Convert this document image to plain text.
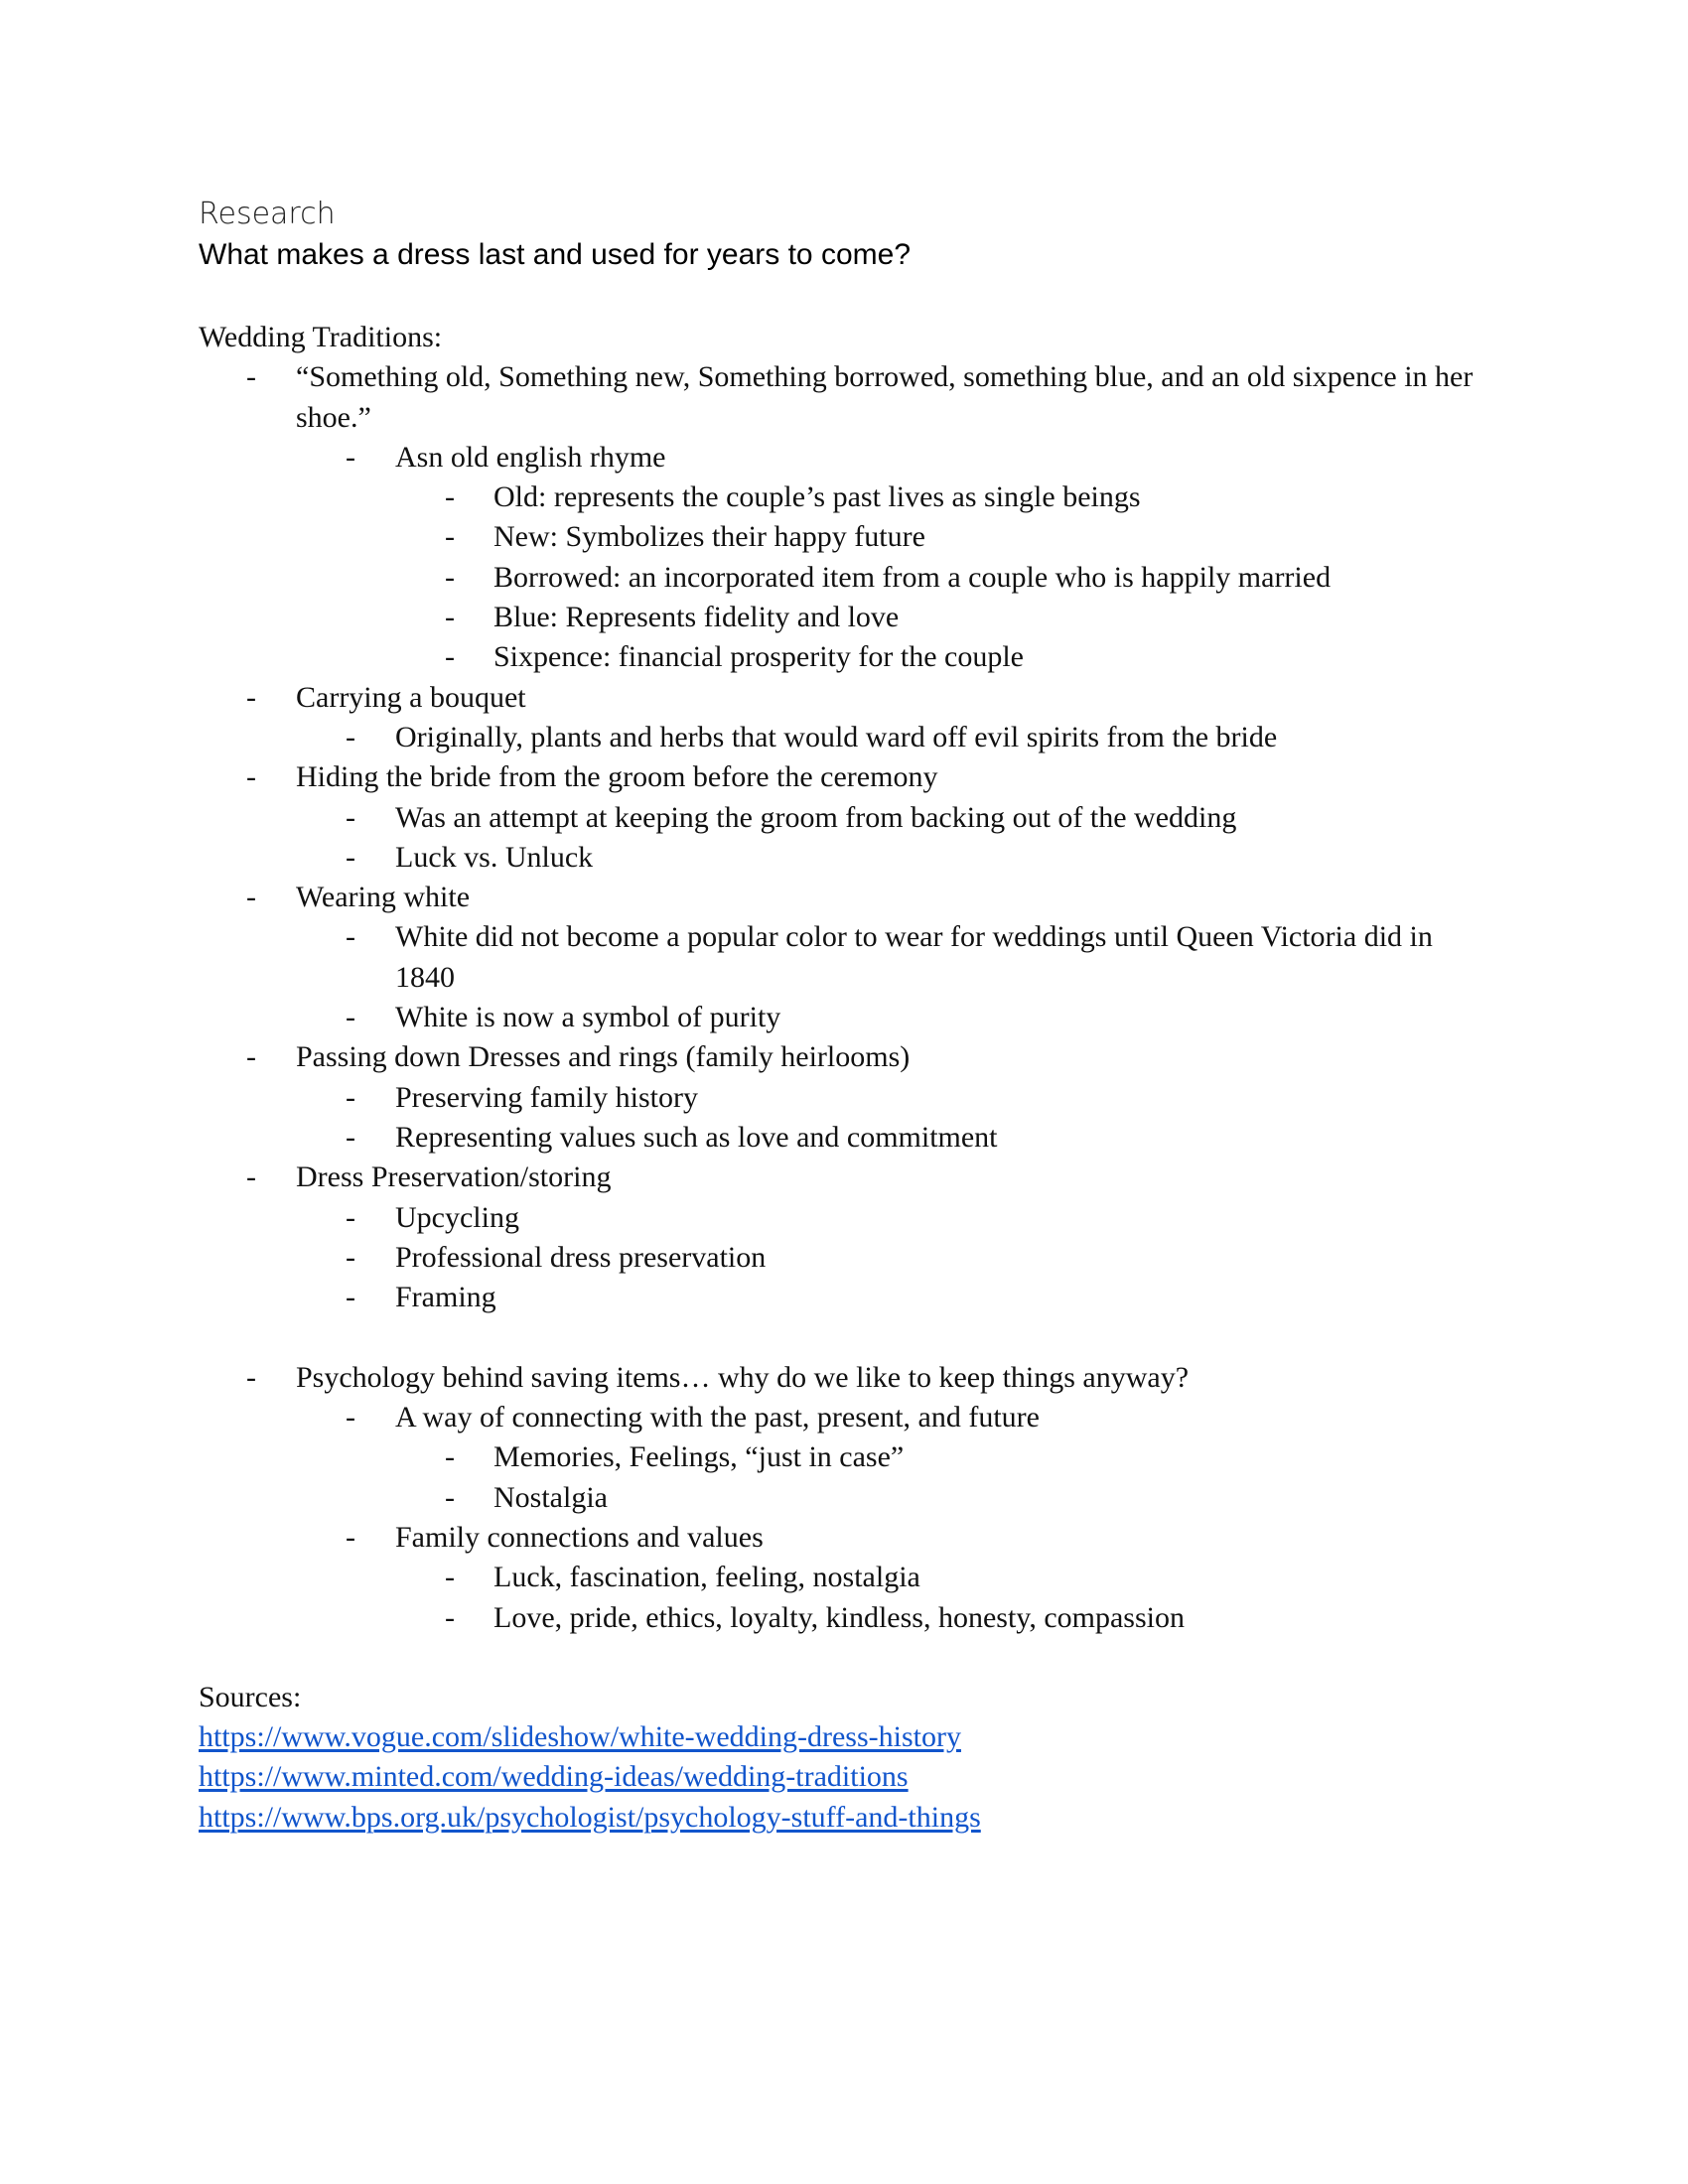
Research
What makes a dress last and used for years to come?
Wedding Traditions:
-	“Something old, Something new, Something borrowed, something blue, and an old sixpence in her shoe.”
-	Asn old english rhyme
-	Old: represents the couple’s past lives as single beings
-	New: Symbolizes their happy future
-	Borrowed: an incorporated item from a couple who is happily married
-	Blue: Represents fidelity and love
-	Sixpence: financial prosperity for the couple
-	Carrying a bouquet
-	Originally, plants and herbs that would ward off evil spirits from the bride
-	Hiding the bride from the groom before the ceremony
-	Was an attempt at keeping the groom from backing out of the wedding
-	Luck vs. Unluck
-	Wearing white
-	White did not become a popular color to wear for weddings until Queen Victoria did in 1840
-	White is now a symbol of purity
-	Passing down Dresses and rings (family heirlooms)
-	Preserving family history
-	Representing values such as love and commitment
-	Dress Preservation/storing
-	Upcycling
-	Professional dress preservation
-	Framing
-	Psychology behind saving items… why do we like to keep things anyway?
-	A way of connecting with the past, present, and future
-	Memories, Feelings, “just in case”
-	Nostalgia
-	Family connections and values
-	Luck, fascination, feeling, nostalgia
-	Love, pride, ethics, loyalty, kindless, honesty, compassion
Sources:
https://www.vogue.com/slideshow/white-wedding-dress-history
https://www.minted.com/wedding-ideas/wedding-traditions
https://www.bps.org.uk/psychologist/psychology-stuff-and-things
